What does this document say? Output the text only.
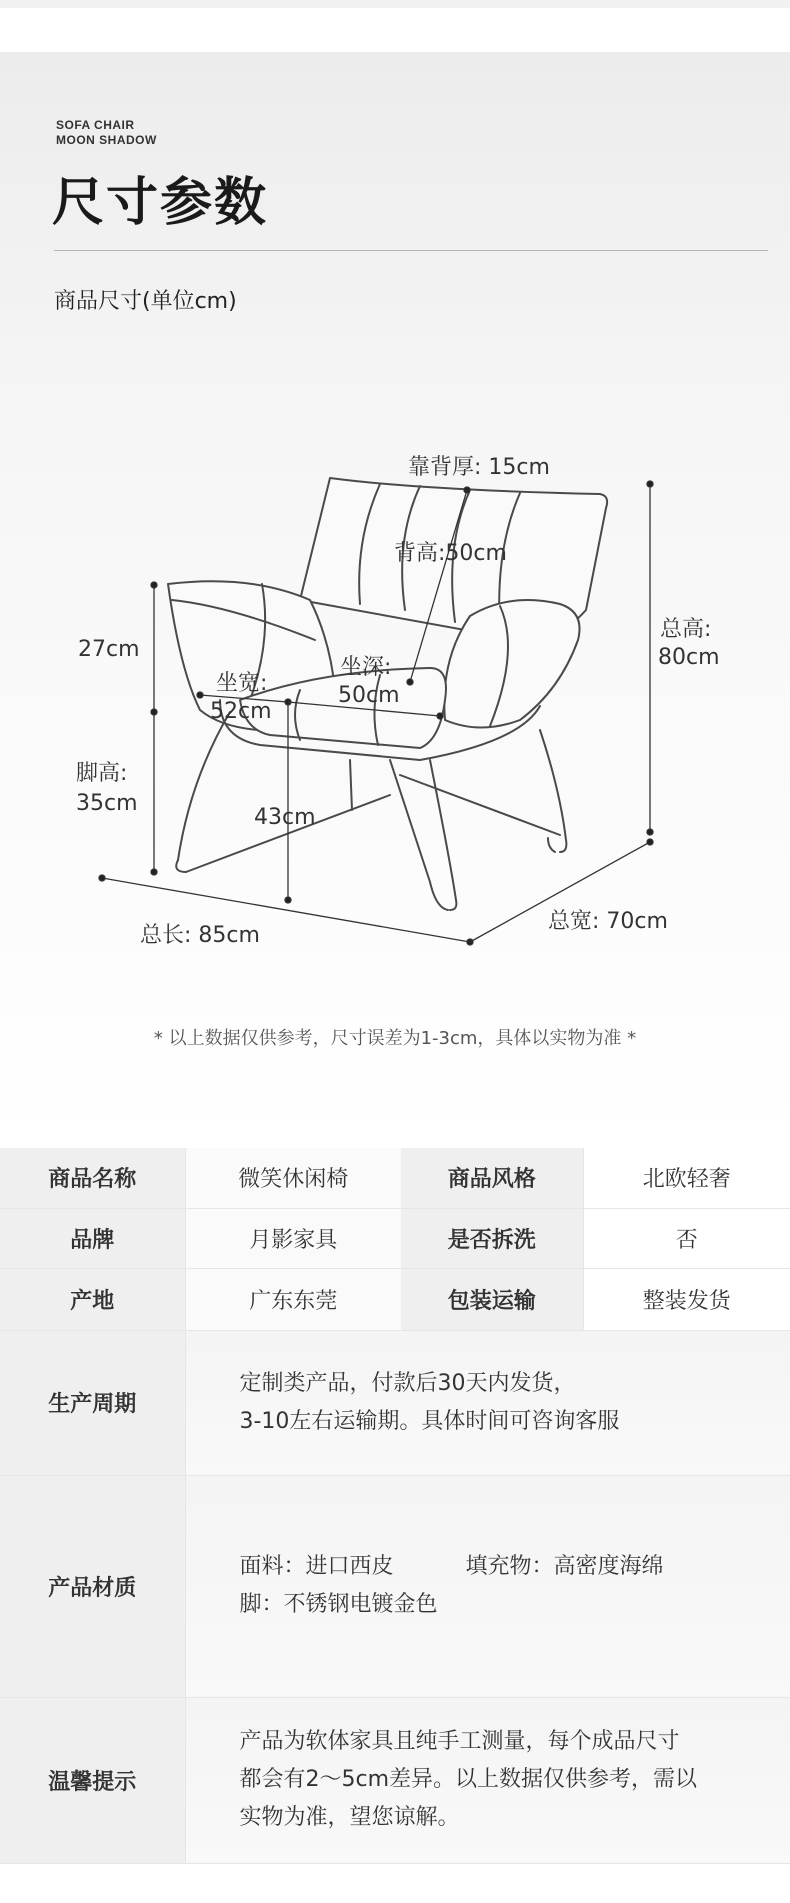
SOFA CHAIR
MOON SHADOW
尺寸参数
商品尺寸(单位cm)
靠背厚: 15cm
背高:50cm
总高:
80cm
27cm
坐宽:
52cm
坐深:
50cm
脚高:
35cm
43cm
总长: 85cm
总宽: 70cm
* 以上数据仅供参考，尺寸误差为1-3cm，具体以实物为准 *
商品名称	微笑休闲椅	商品风格	北欧轻奢
品牌	月影家具	是否拆洗	否
产地	广东东莞	包装运输	整装发货
生产周期	定制类产品，付款后30天内发货，
3-10左右运输期。具体时间可咨询客服		

产品材质	面料：进口西皮 填充物：高密度海绵
脚：不锈钢电镀金色		

温馨提示	产品为软体家具且纯手工测量，每个成品尺寸
都会有2～5cm差异。以上数据仅供参考，需以
实物为准，望您谅解。		
